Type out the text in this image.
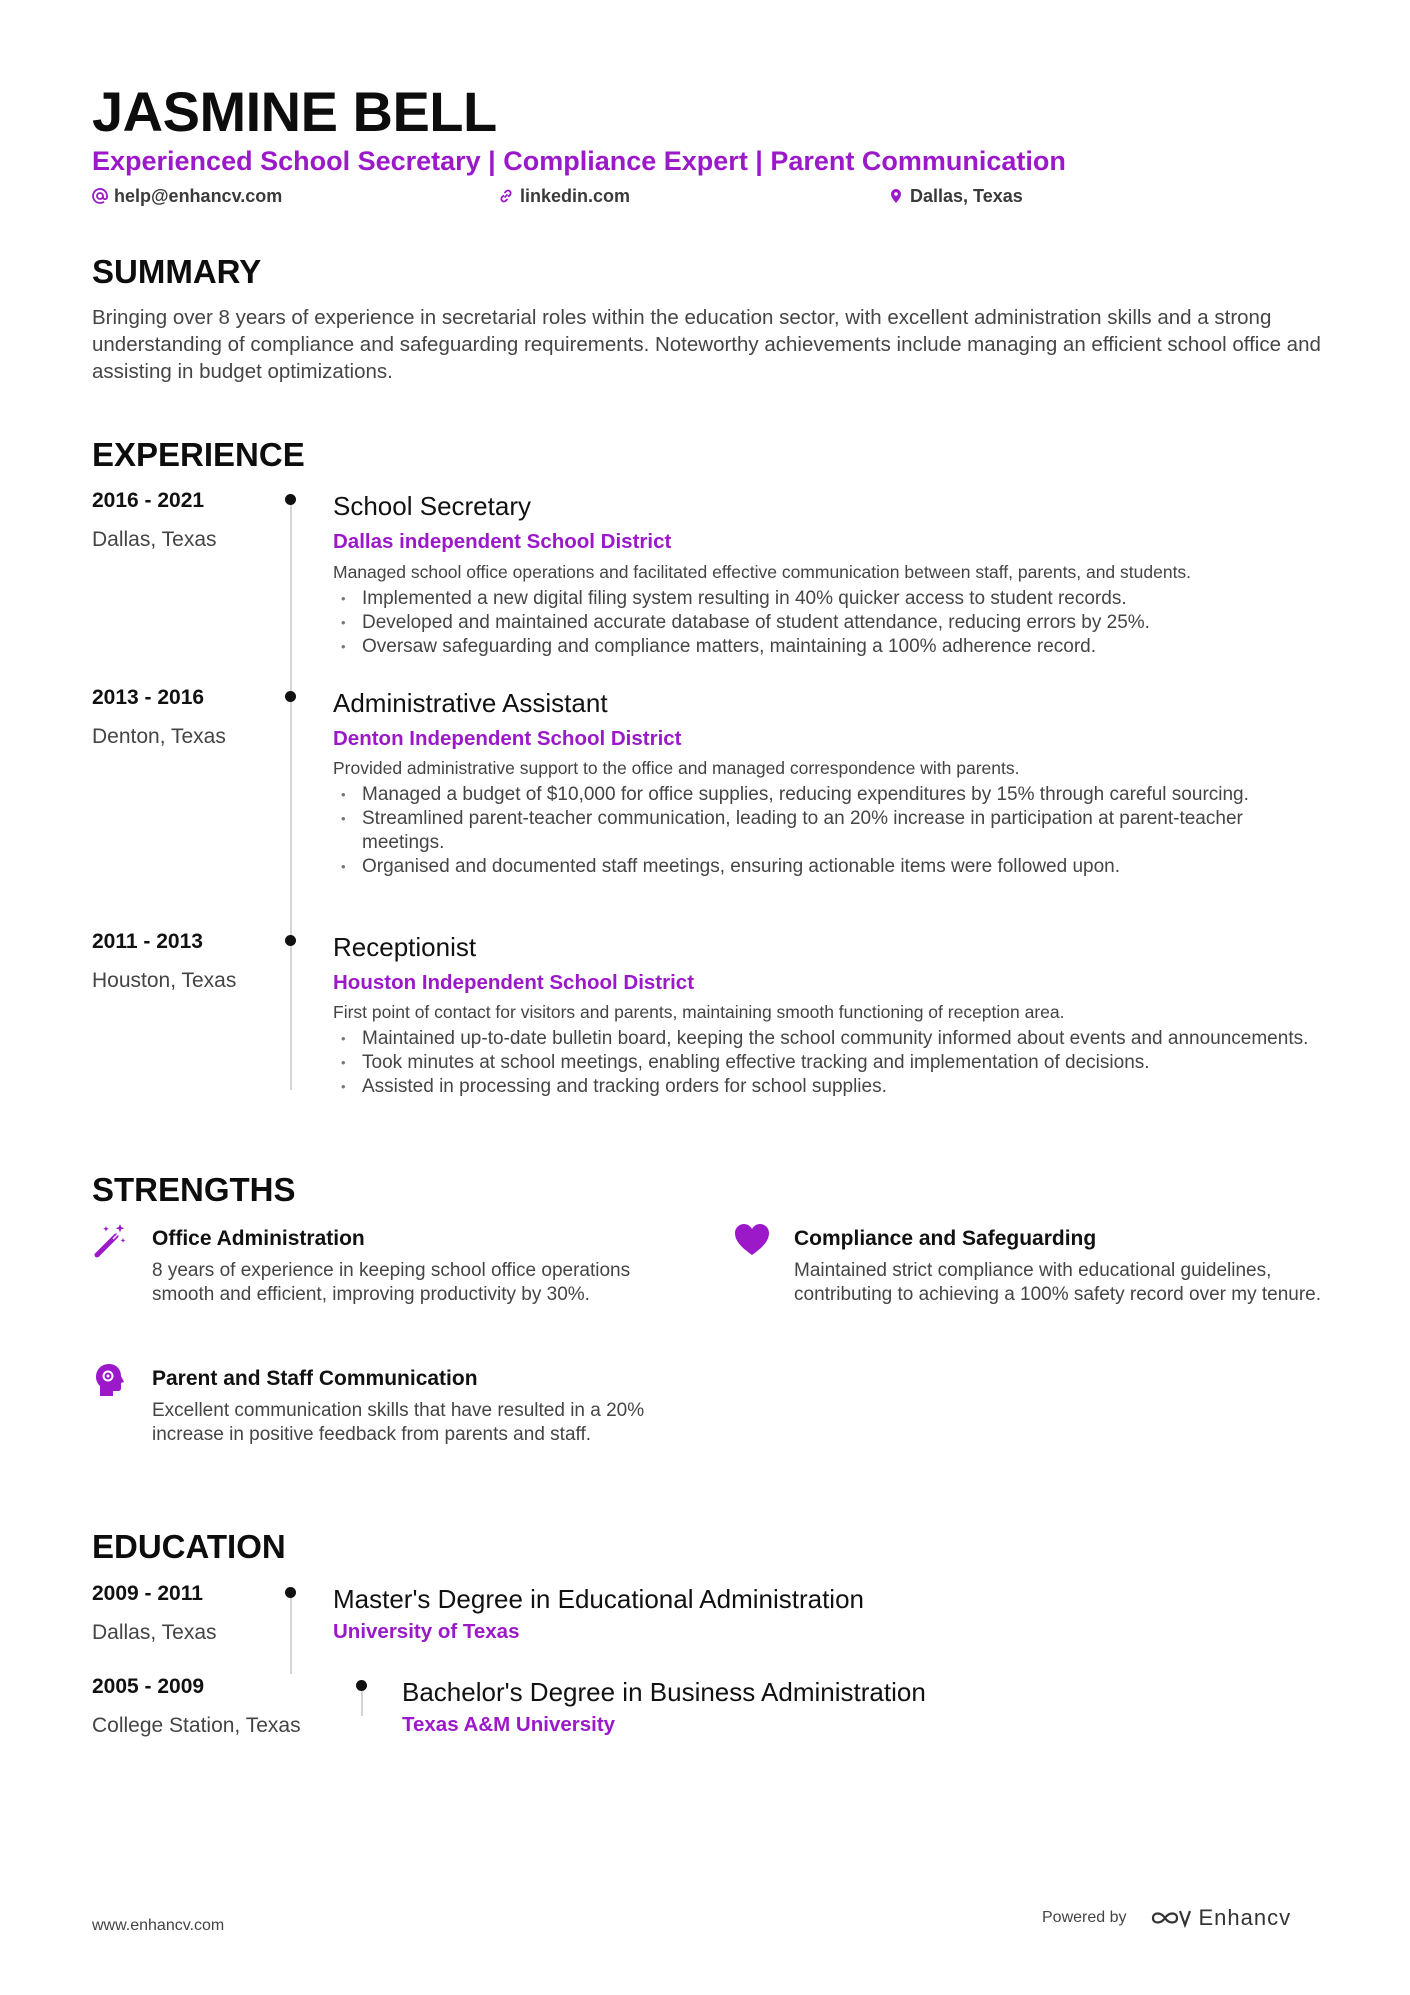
JASMINE BELL
Experienced School Secretary | Compliance Expert | Parent Communication
help@enhancv.com	linkedin.com	Dallas, Texas
SUMMARY
Bringing over 8 years of experience in secretarial roles within the education sector, with excellent administration skills and a strong understanding of compliance and safeguarding requirements. Noteworthy achievements include managing an efficient school office and assisting in budget optimizations.
EXPERIENCE
2016 - 2021
Dallas, Texas
School Secretary
Dallas independent School District
Managed school office operations and facilitated effective communication between staff, parents, and students.
• Implemented a new digital filing system resulting in 40% quicker access to student records.
• Developed and maintained accurate database of student attendance, reducing errors by 25%.
• Oversaw safeguarding and compliance matters, maintaining a 100% adherence record.
2013 - 2016
Denton, Texas
Administrative Assistant
Denton Independent School District
Provided administrative support to the office and managed correspondence with parents.
• Managed a budget of $10,000 for office supplies, reducing expenditures by 15% through careful sourcing.
• Streamlined parent-teacher communication, leading to an 20% increase in participation at parent-teacher meetings.
• Organised and documented staff meetings, ensuring actionable items were followed upon.
2011 - 2013
Houston, Texas
Receptionist
Houston Independent School District
First point of contact for visitors and parents, maintaining smooth functioning of reception area.
• Maintained up-to-date bulletin board, keeping the school community informed about events and announcements.
• Took minutes at school meetings, enabling effective tracking and implementation of decisions.
• Assisted in processing and tracking orders for school supplies.
STRENGTHS
Office Administration
8 years of experience in keeping school office operations smooth and efficient, improving productivity by 30%.
Compliance and Safeguarding
Maintained strict compliance with educational guidelines, contributing to achieving a 100% safety record over my tenure.
Parent and Staff Communication
Excellent communication skills that have resulted in a 20% increase in positive feedback from parents and staff.
EDUCATION
2009 - 2011
Dallas, Texas
Master's Degree in Educational Administration
University of Texas
2005 - 2009
College Station, Texas
Bachelor's Degree in Business Administration
Texas A&M University
www.enhancv.com	Powered by	Enhancv
